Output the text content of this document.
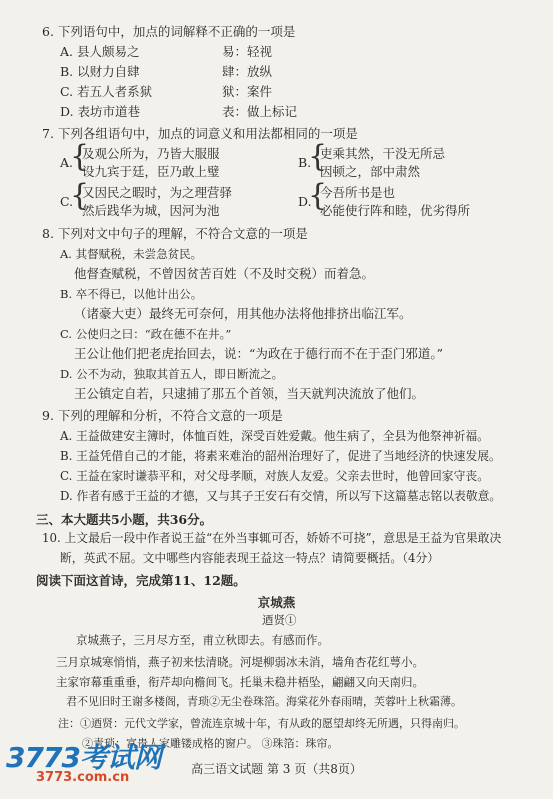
6. 下列语句中，加点的词解释不正确的一项是
A. 县人颇易之	易：轻视
B. 以财力自肆	肆：放纵
C. 若五人者系狱	狱：案件
D. 表坊市道巷	表：做上标记
7. 下列各组语句中，加点的词意义和用法都相同的一项是
A.
{
及观公所为，乃皆大服服
设九宾于廷，臣乃敢上璧
B.
{
吏乘其然，干没无所忌
因顿之，部中肃然
C.
{
又因民之暇时，为之理营驿
然后践华为城，因河为池
D.
{
今吾所书是也
必能使行阵和睦，优劣得所
8. 下列对文中句子的理解，不符合文意的一项是
A. 其督赋税，未尝急贫民。
他督查赋税，不曾因贫苦百姓（不及时交税）而着急。
B. 卒不得已，以他计出公。
（诸豪大吏）最终无可奈何，用其他办法将他排挤出临江军。
C. 公使归之曰：“政在德不在井。”
王公让他们把老虎抬回去，说：“为政在于德行而不在于歪门邪道。”
D. 公不为动，独取其首五人，即日断流之。
王公镇定自若，只逮捕了那五个首领，当天就判决流放了他们。
9. 下列的理解和分析，不符合文意的一项是
A. 王益做建安主簿时，体恤百姓，深受百姓爱戴。他生病了，全县为他祭神祈福。
B. 王益凭借自己的才能，将素来难治的韶州治理好了，促进了当地经济的快速发展。
C. 王益在家时谦恭平和，对父母孝顺，对族人友爱。父亲去世时，他曾回家守丧。
D. 作者有感于王益的才德，又与其子王安石有交情，所以写下这篇墓志铭以表敬意。
三、本大题共5小题，共36分。
10. 上文最后一段中作者说王益“在外当事辄可否，娇娇不可挠”，意思是王益为官果敢决
断，英武不屈。文中哪些内容能表现王益这一特点？请简要概括。（4分）
阅读下面这首诗，完成第11、12题。
京城燕
迺贤①
京城燕子，三月尽方至，甫立秋即去。有感而作。
三月京城寒悄悄，燕子初来怯清晓。河堤柳弱冰未消，墙角杏花红萼小。
主家帘幕重重垂，衔芹却向檐间飞。托巢未稳井梧坠，翩翩又向天南归。
君不见旧时王谢多楼阁，青琐②无尘卷珠箔。海棠花外春雨晴，芙蓉叶上秋霜薄。
注：①迺贤：元代文学家，曾流连京城十年，有从政的愿望却终无所遇，只得南归。
②青琐：富贵人家雕镂成格的窗户。 ③珠箔：珠帘。
高三语文试题 第 3 页（共8页）
3773考试网
3773.com.cn
